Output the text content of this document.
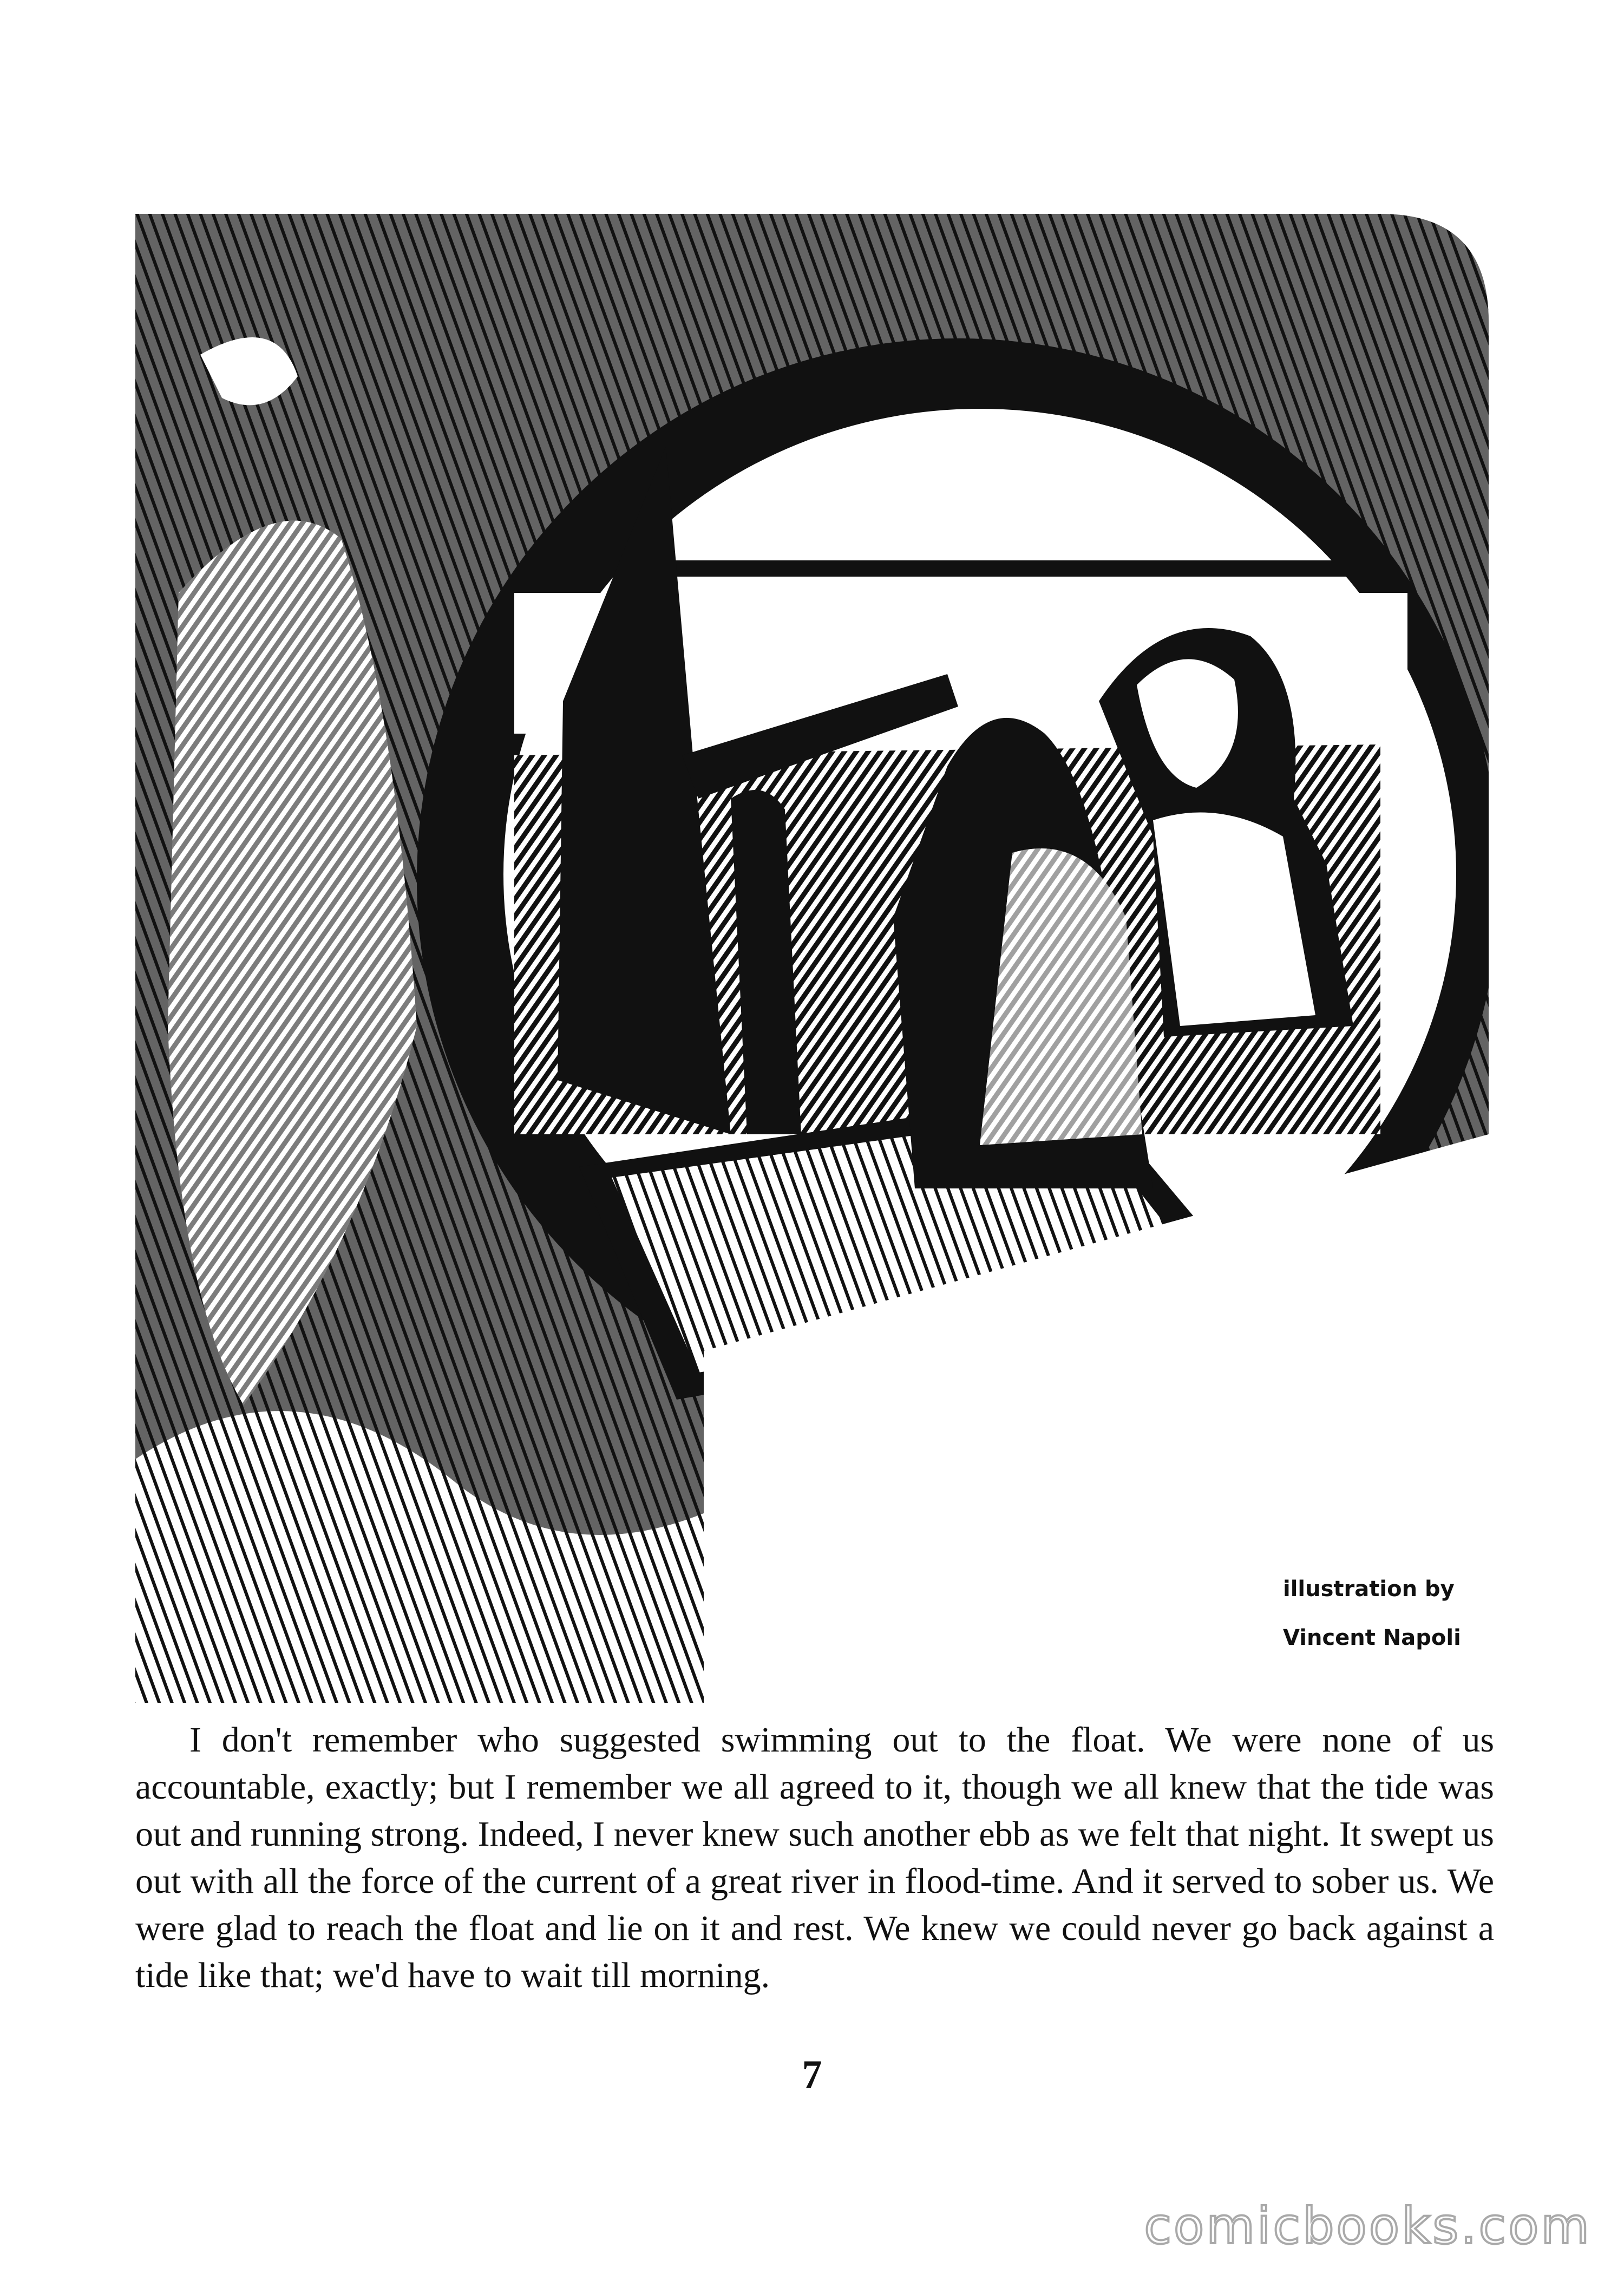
illustration by
Vincent Napoli

I don't remember who suggested swimming out to the float. We were none of us accountable, exactly; but I remember we all agreed to it, though we all knew that the tide was out and running strong. Indeed, I never knew such another ebb as we felt that night. It swept us out with all the force of the current of a great river in flood-time. And it served to sober us. We were glad to reach the float and lie on it and rest. We knew we could never go back against a tide like that; we'd have to wait till morning.

7
comicbooks.com
